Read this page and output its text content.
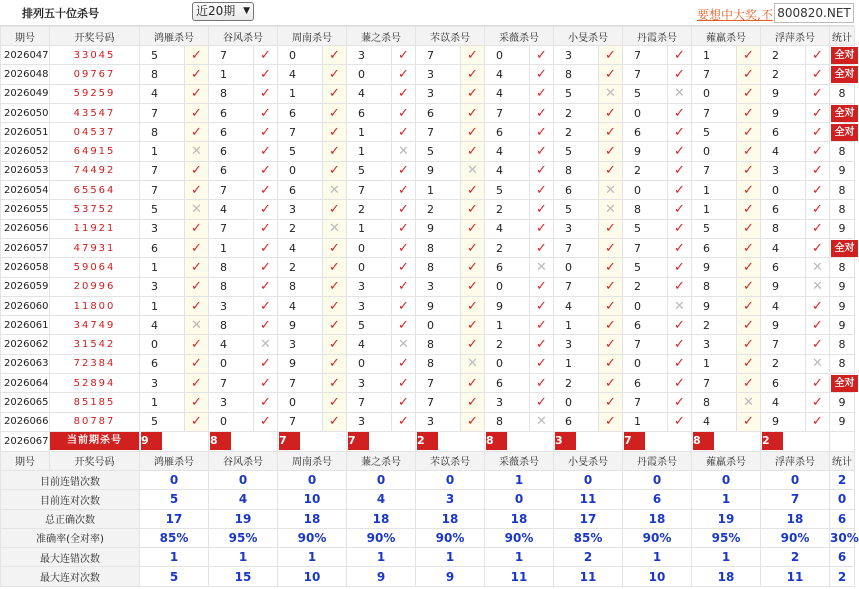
排列五十位杀号	近20期 ▼	要想中大奖,不 800820.NET
期号	开奖号码	鸿雁杀号		谷风杀号		周南杀号		蒹之杀号		芣苡杀号		采薇杀号		小旻杀号		丹霞杀号		蕹羸杀号		浮萍杀号		统计
2026047	33045	5	✓	7	✓	0	✓	3	✓	7	✓	0	✓	3	✓	7	✓	1	✓	2	✓	全对
2026048	09767	8	✓	1	✓	4	✓	0	✓	3	✓	4	✓	8	✓	7	✓	7	✓	2	✓	全对
2026049	59259	4	✓	8	✓	1	✓	4	✓	3	✓	4	✓	5	✕	5	✕	0	✓	9	✓	8
2026050	43547	7	✓	6	✓	6	✓	6	✓	6	✓	7	✓	2	✓	0	✓	7	✓	9	✓	全对
2026051	04537	8	✓	6	✓	7	✓	1	✓	7	✓	6	✓	2	✓	6	✓	5	✓	6	✓	全对
2026052	64915	1	✕	6	✓	5	✓	1	✕	5	✓	4	✓	5	✓	9	✓	0	✓	4	✓	8
2026053	74492	7	✓	6	✓	0	✓	5	✓	9	✕	4	✓	8	✓	2	✓	7	✓	3	✓	9
2026054	65564	7	✓	7	✓	6	✕	7	✓	1	✓	5	✓	6	✕	0	✓	1	✓	0	✓	8
2026055	53752	5	✕	4	✓	3	✓	2	✓	2	✓	2	✓	5	✕	8	✓	1	✓	6	✓	8
2026056	11921	3	✓	7	✓	2	✕	1	✓	9	✓	4	✓	3	✓	5	✓	5	✓	8	✓	9
2026057	47931	6	✓	1	✓	4	✓	0	✓	8	✓	2	✓	7	✓	7	✓	6	✓	4	✓	全对
2026058	59064	1	✓	8	✓	2	✓	0	✓	8	✓	6	✕	0	✓	5	✓	9	✓	6	✕	8
2026059	20996	3	✓	8	✓	8	✓	3	✓	3	✓	0	✓	7	✓	2	✓	8	✓	9	✕	9
2026060	11800	1	✓	3	✓	4	✓	3	✓	9	✓	9	✓	4	✓	0	✕	9	✓	4	✓	9
2026061	34749	4	✕	8	✓	9	✓	5	✓	0	✓	1	✓	1	✓	6	✓	2	✓	9	✓	9
2026062	31542	0	✓	4	✕	3	✓	4	✕	8	✓	2	✓	3	✓	7	✓	3	✓	7	✓	8
2026063	72384	6	✓	0	✓	9	✓	0	✓	8	✕	0	✓	1	✓	0	✓	1	✓	2	✕	8
2026064	52894	3	✓	7	✓	7	✓	3	✓	7	✓	6	✓	2	✓	6	✓	7	✓	6	✓	全对
2026065	85185	1	✓	3	✓	0	✓	7	✓	7	✓	3	✓	0	✓	7	✓	8	✕	4	✓	9
2026066	80787	5	✓	0	✓	7	✓	3	✓	3	✓	8	✕	6	✓	1	✓	4	✓	9	✓	9
2026067	当前期杀号	9		8		7		7		2		8		3		7		8		2		
期号	开奖号码	鸿雁杀号		谷风杀号		周南杀号		蒹之杀号		芣苡杀号		采薇杀号		小旻杀号		丹霞杀号		蕹羸杀号		浮萍杀号		统计
目前连错次数		0		0		0		0		0		1		0		0		0		0		2
目前连对次数		5		4		10		4		3		0		11		6		1		7		0
总正确次数		17		19		18		18		18		18		17		18		19		18		6
准确率(全对率)		85%		95%		90%		90%		90%		90%		85%		90%		95%		90%		30%
最大连错次数		1		1		1		1		1		1		2		1		1		2		6
最大连对次数		5		15		10		9		9		11		11		10		18		11		2
